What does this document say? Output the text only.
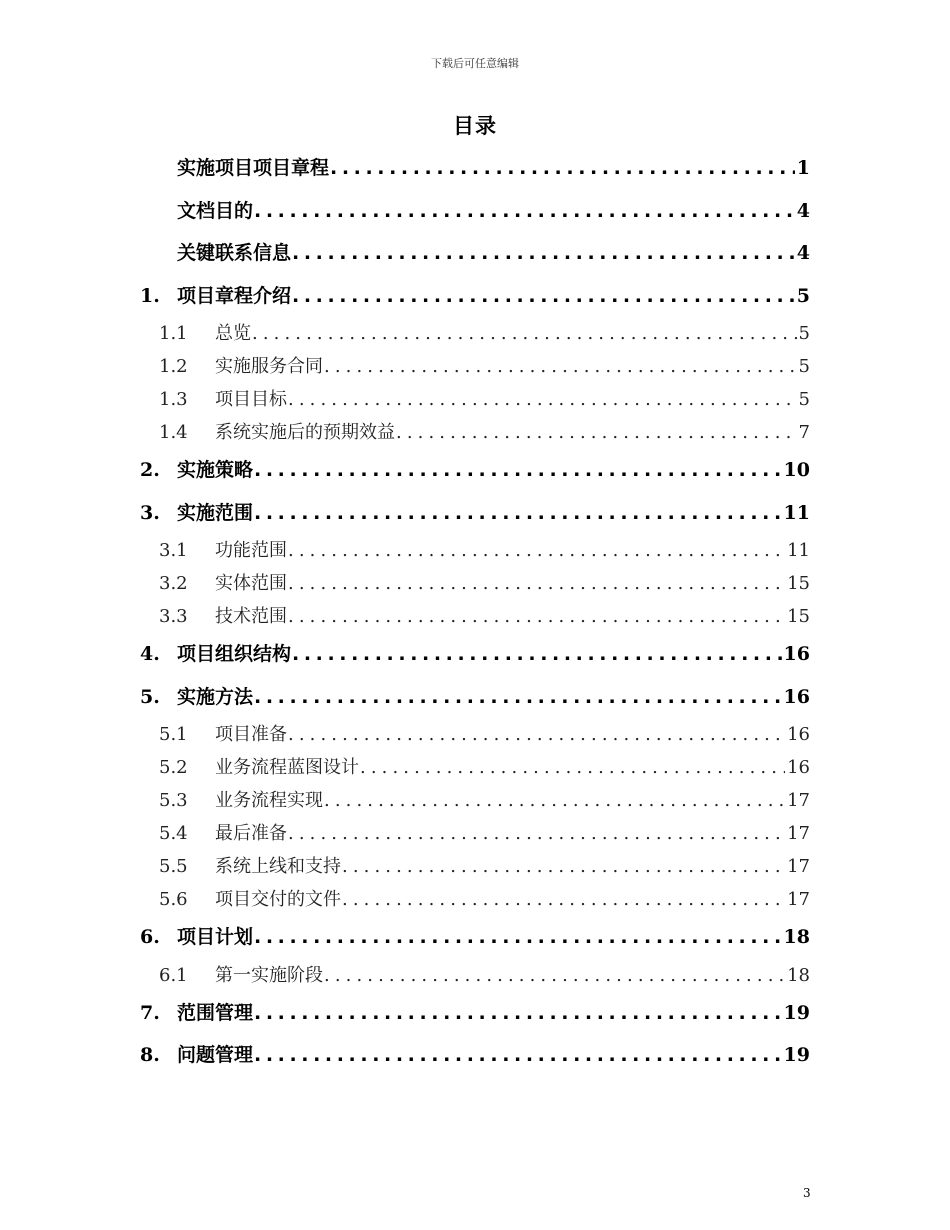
下载后可任意编辑
目录
实施项目项目章程 .....	1
文档目的 .....	4
关键联系信息 .....	4
1. 项目章程介绍 .....	5
1.1	总览 .....	5
1.2	实施服务合同 .....	5
1.3	项目目标 .....	5
1.4	系统实施后的预期效益 .....	7
2. 实施策略 .....	10
3. 实施范围 .....	11
3.1	功能范围 .....	11
3.2	实体范围 .....	15
3.3	技术范围 .....	15
4. 项目组织结构 .....	16
5. 实施方法 .....	16
5.1	项目准备 .....	16
5.2	业务流程蓝图设计 .....	16
5.3	业务流程实现 .....	17
5.4	最后准备 .....	17
5.5	系统上线和支持 .....	17
5.6	项目交付的文件 .....	17
6. 项目计划 .....	18
6.1	第一实施阶段 .....	18
7. 范围管理 .....	19
8. 问题管理 .....	19
3
